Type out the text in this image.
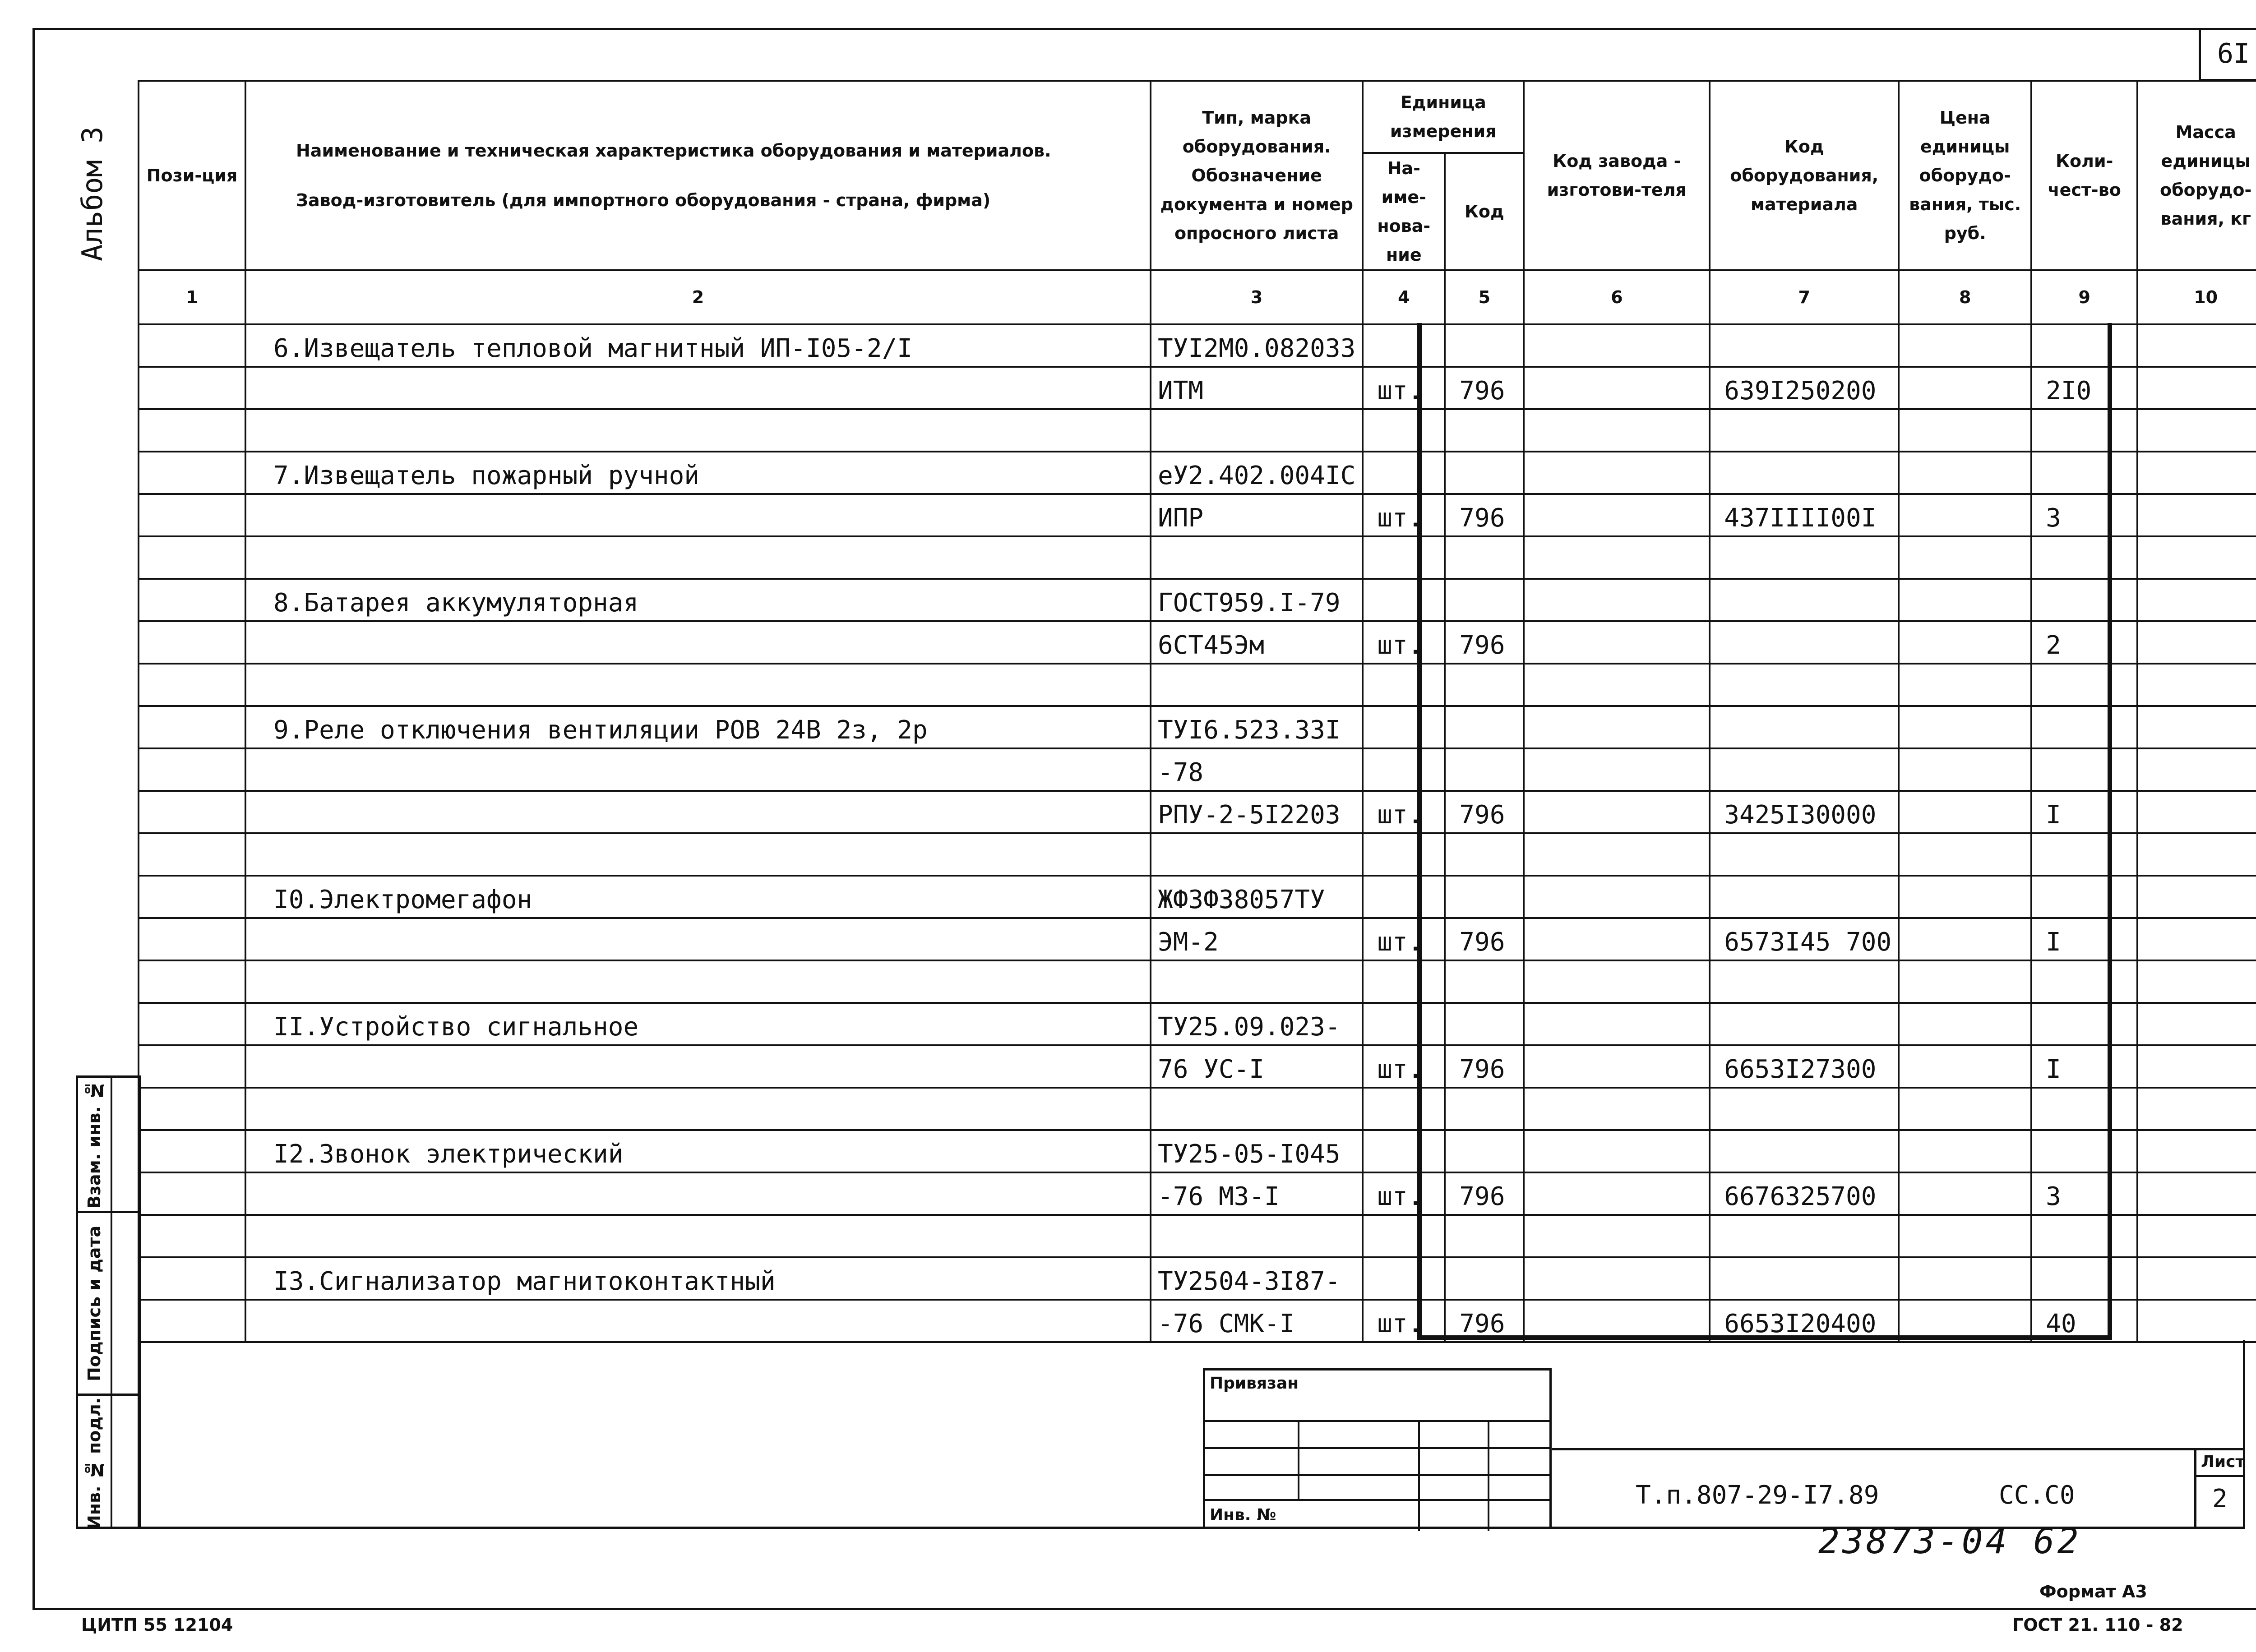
6I
Альбом 3	Пози-ция	Наименование и техническая характеристика оборудования и материалов.
Завод-изготовитель (для импортного оборудования - страна, фирма)	Тип, марка оборудования. Обозначение документа и номер опросного листа	Единица измерения		Код завода - изготови-теля	Код оборудования, материала	Цена единицы оборудо-вания, тыс. руб.	Коли-чест-во	Масса единицы оборудо-вания, кг
			На-име-нова-ние	Код					
1	2	3	4	5	6	7	8	9	10
	6.Извещатель тепловой магнитный ИП-I05-2/I	ТУI2М0.082033							
		ИТМ	шт.	796		639I250200		2I0	

	7.Извещатель пожарный ручной	еУ2.402.004IС							
		ИПР	шт.	796		437IIII00I		3	

	8.Батарея аккумуляторная	ГОСТ959.I-79							
		6СТ45Эм	шт.	796				2	

	9.Реле отключения вентиляции РОВ 24В 2з, 2р	ТУI6.523.33I							
		-78							
		РПУ-2-5I2203	шт.	796		3425I30000		I	

	I0.Электромегафон	ЖФЗФ38057ТУ							
		ЭМ-2	шт.	796		6573I45 700		I	

	II.Устройство сигнальное	ТУ25.09.023-							
		76 УС-I	шт.	796		6653I27300		I	

	I2.Звонок электрический	ТУ25-05-I045							
		-76 МЗ-I	шт.	796		6676325700		3	

	I3.Сигнализатор магнитоконтактный	ТУ2504-3I87-							
		-76 СМК-I	шт.	796		6653I20400		40	
Взам. инв. №
Подпись и дата
Инв. № подл.
Привязан
Инв. №
Т.п.807-29-I7.89	СС.С0
Лист
2
23873-04 62
Формат А3
ЦИТП 55 12104	ГОСТ 21. 110 - 82
